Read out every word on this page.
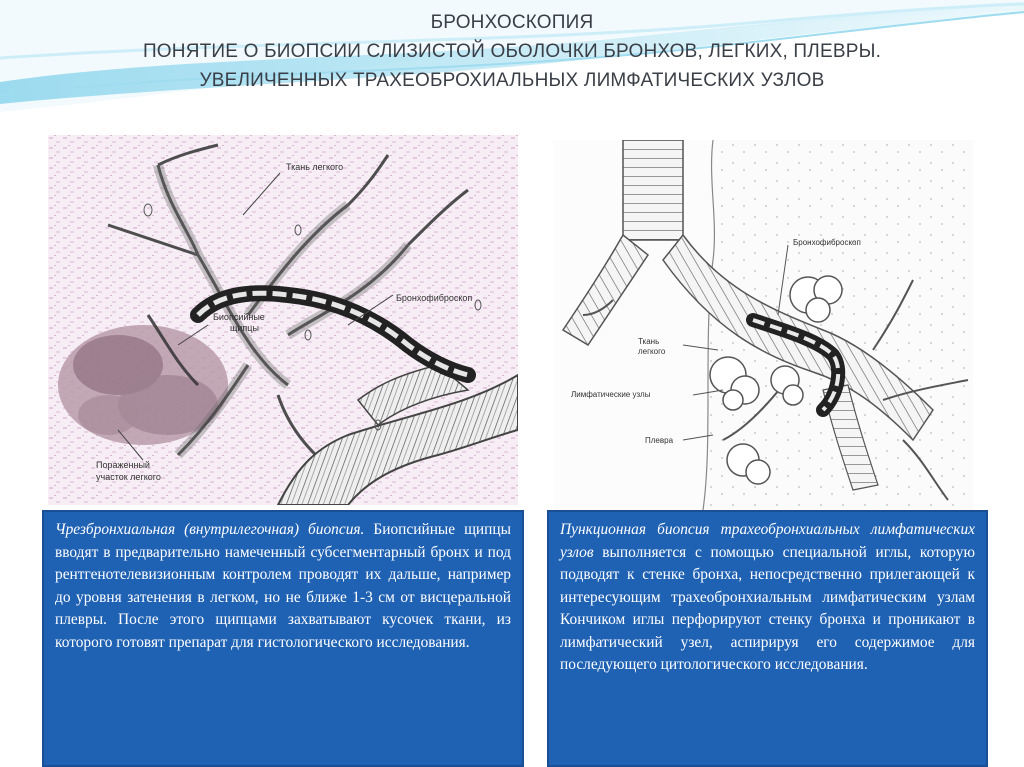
БРОНХОСКОПИЯ
ПОНЯТИЕ О БИОПСИИ СЛИЗИСТОЙ ОБОЛОЧКИ БРОНХОВ, ЛЕГКИХ, ПЛЕВРЫ.
УВЕЛИЧЕННЫХ ТРАХЕОБРОХИАЛЬНЫХ ЛИМФАТИЧЕСКИХ УЗЛОВ
Ткань легкого
Биопсийные
щипцы
Бронхофиброскоп
Пораженный
участок легкого
Бронхофиброскоп
Ткань
легкого
Лимфатические узлы
Плевра
Чрезбронхиальная (внутрилегочная) биопсия. Биопсийные щипцы вводят в предварительно намеченный субсегментарный бронх и под рентгенотелевизионным контролем проводят их дальше, например до уровня затенения в легком, но не ближе 1-3 см от висцеральной плевры. После этого щипцами захватывают кусочек ткани, из которого готовят препарат для гистологического исследования.
Пункционная биопсия трахеобронхиальных лимфатических узлов выполняется с помощью специальной иглы, которую подводят к стенке бронха, непосредственно прилегающей к интересующим трахеобронхиальным лимфатическим узлам Кончиком иглы перфорируют стенку бронха и проникают в лимфатический узел, аспирируя его содержимое для последующего цитологического исследования.
